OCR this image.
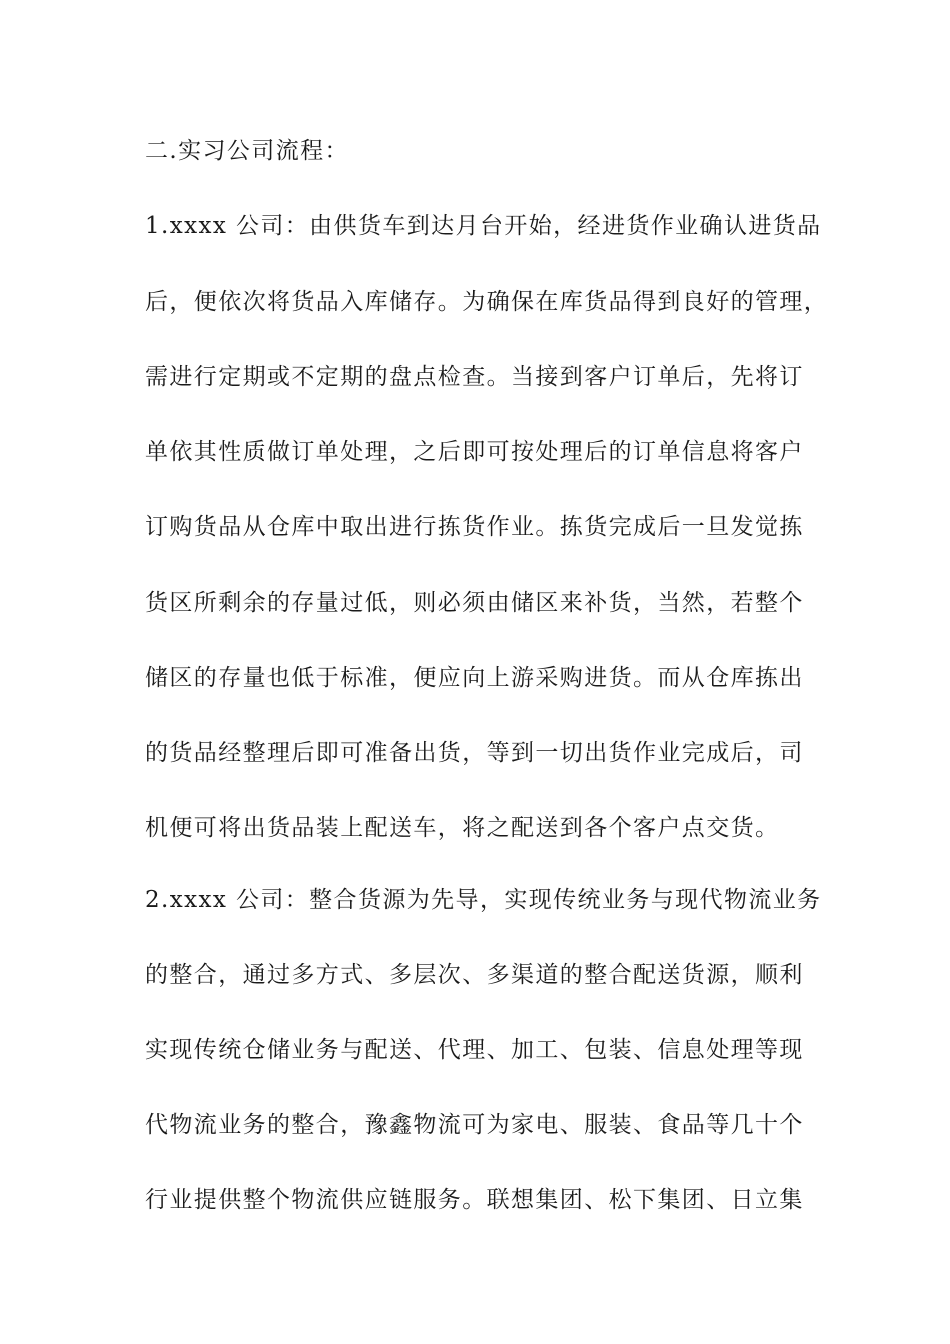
二.实习公司流程：
1.xxxx 公司：由供货车到达月台开始，经进货作业确认进货品
后，便依次将货品入库储存。为确保在库货品得到良好的管理，
需进行定期或不定期的盘点检查。当接到客户订单后，先将订
单依其性质做订单处理，之后即可按处理后的订单信息将客户
订购货品从仓库中取出进行拣货作业。拣货完成后一旦发觉拣
货区所剩余的存量过低，则必须由储区来补货，当然，若整个
储区的存量也低于标准，便应向上游采购进货。而从仓库拣出
的货品经整理后即可准备出货，等到一切出货作业完成后，司
机便可将出货品装上配送车，将之配送到各个客户点交货。
2.xxxx 公司：整合货源为先导，实现传统业务与现代物流业务
的整合，通过多方式、多层次、多渠道的整合配送货源，顺利
实现传统仓储业务与配送、代理、加工、包装、信息处理等现
代物流业务的整合，豫鑫物流可为家电、服装、食品等几十个
行业提供整个物流供应链服务。联想集团、松下集团、日立集
